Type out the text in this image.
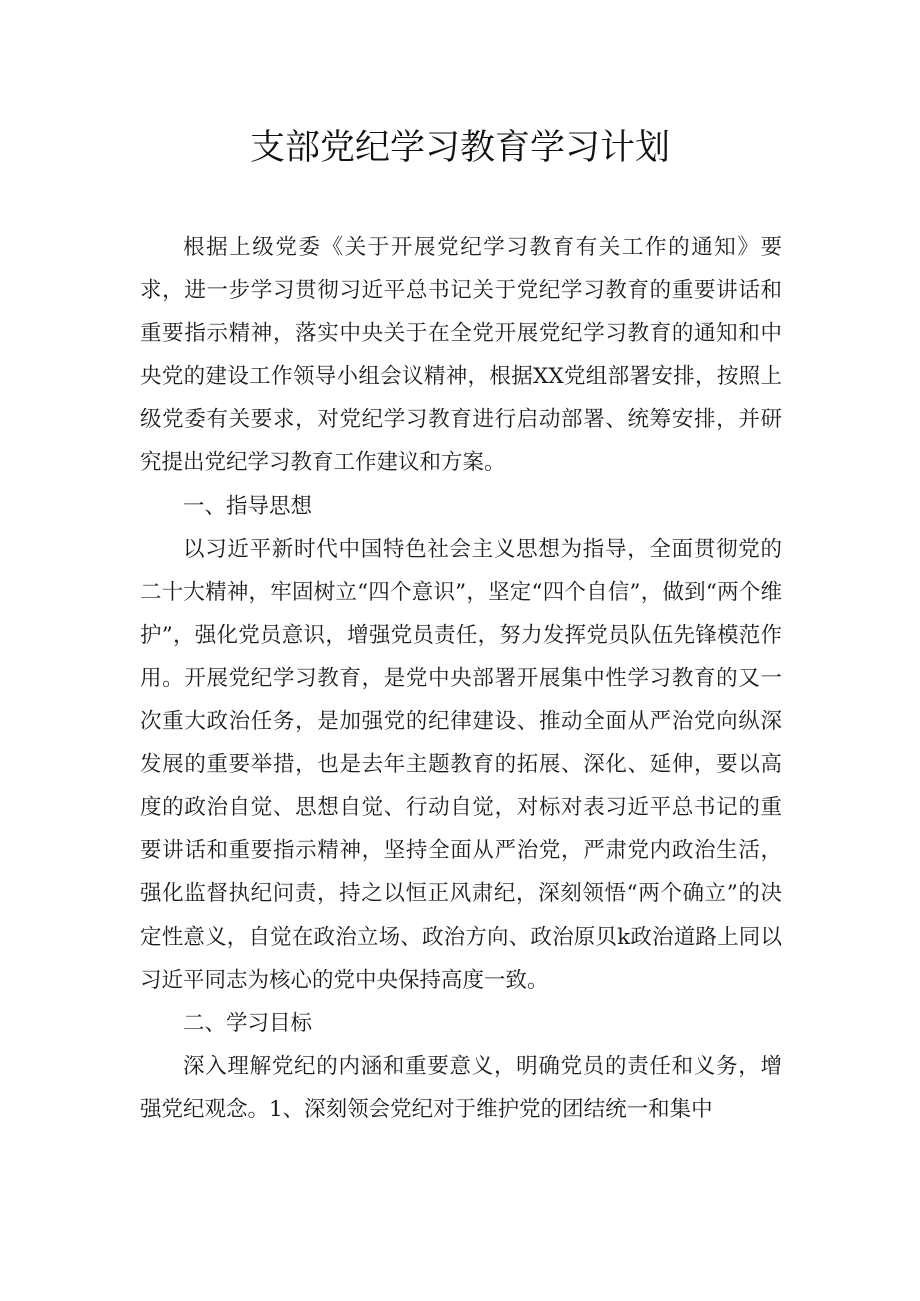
支部党纪学习教育学习计划

根据上级党委《关于开展党纪学习教育有关工作的通知》要求，进一步学习贯彻习近平总书记关于党纪学习教育的重要讲话和重要指示精神，落实中央关于在全党开展党纪学习教育的通知和中央党的建设工作领导小组会议精神，根据XX党组部署安排，按照上级党委有关要求，对党纪学习教育进行启动部署、统筹安排，并研究提出党纪学习教育工作建议和方案。

一、指导思想

以习近平新时代中国特色社会主义思想为指导，全面贯彻党的二十大精神，牢固树立“四个意识”，坚定“四个自信”，做到“两个维护”，强化党员意识，增强党员责任，努力发挥党员队伍先锋模范作用。开展党纪学习教育，是党中央部署开展集中性学习教育的又一次重大政治任务，是加强党的纪律建设、推动全面从严治党向纵深发展的重要举措，也是去年主题教育的拓展、深化、延伸，要以高度的政治自觉、思想自觉、行动自觉，对标对表习近平总书记的重要讲话和重要指示精神，坚持全面从严治党，严肃党内政治生活，强化监督执纪问责，持之以恒正风肃纪，深刻领悟“两个确立”的决定性意义，自觉在政治立场、政治方向、政治原贝k政治道路上同以习近平同志为核心的党中央保持高度一致。

二、学习目标

深入理解党纪的内涵和重要意义，明确党员的责任和义务，增强党纪观念。1、深刻领会党纪对于维护党的团结统一和集中
